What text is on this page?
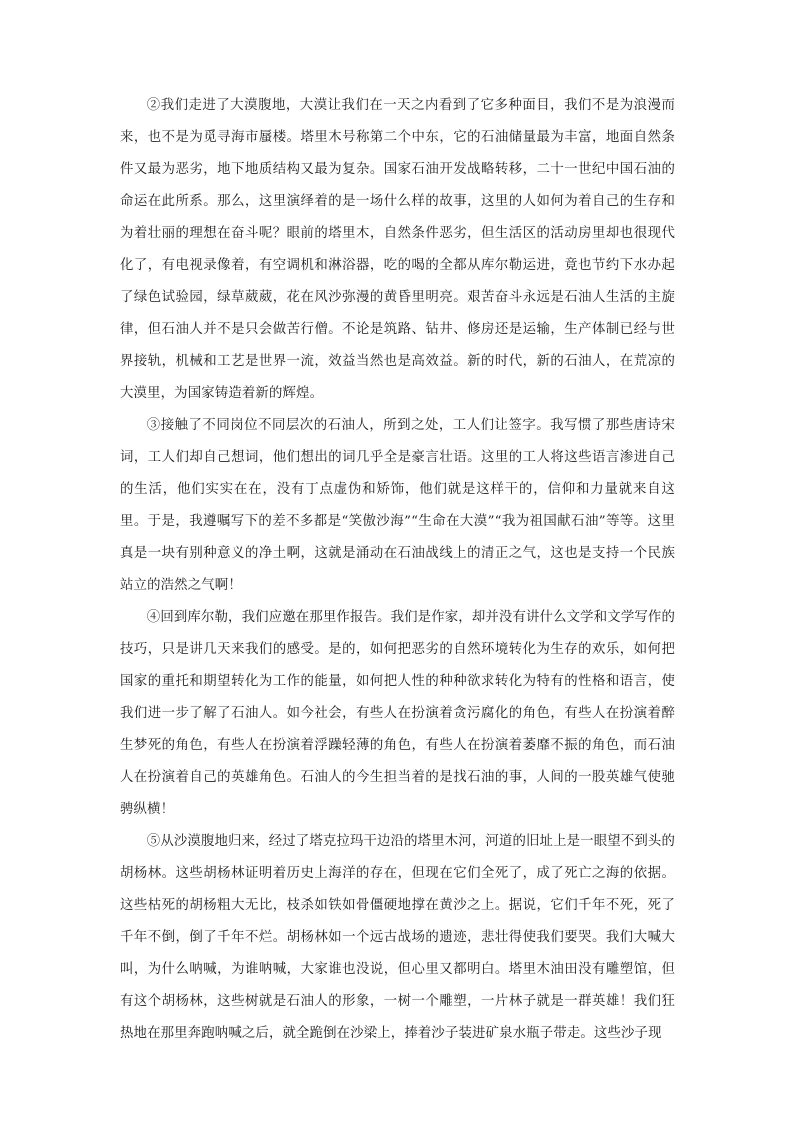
②我们走进了大漠腹地，大漠让我们在一天之内看到了它多种面目，我们不是为浪漫而来，也不是为觅寻海市蜃楼。塔里木号称第二个中东，它的石油储量最为丰富，地面自然条件又最为恶劣，地下地质结构又最为复杂。国家石油开发战略转移，二十一世纪中国石油的命运在此所系。那么，这里演绎着的是一场什么样的故事，这里的人如何为着自己的生存和为着壮丽的理想在奋斗呢？眼前的塔里木，自然条件恶劣，但生活区的活动房里却也很现代化了，有电视录像着，有空调机和淋浴器，吃的喝的全都从库尔勒运进，竟也节约下水办起了绿色试验园，绿草葳葳，花在风沙弥漫的黄昏里明亮。艰苦奋斗永远是石油人生活的主旋律，但石油人并不是只会做苦行僧。不论是筑路、钻井、修房还是运输，生产体制已经与世界接轨，机械和工艺是世界一流，效益当然也是高效益。新的时代，新的石油人，在荒凉的大漠里，为国家铸造着新的辉煌。

③接触了不同岗位不同层次的石油人，所到之处，工人们让签字。我写惯了那些唐诗宋词，工人们却自己想词，他们想出的词几乎全是豪言壮语。这里的工人将这些语言渗进自己的生活，他们实实在在，没有丁点虚伪和矫饰，他们就是这样干的，信仰和力量就来自这里。于是，我遵嘱写下的差不多都是“笑傲沙海”“生命在大漠”“我为祖国献石油”等等。这里真是一块有别种意义的净土啊，这就是涌动在石油战线上的清正之气，这也是支持一个民族站立的浩然之气啊！

④回到库尔勒，我们应邀在那里作报告。我们是作家，却并没有讲什么文学和文学写作的技巧，只是讲几天来我们的感受。是的，如何把恶劣的自然环境转化为生存的欢乐，如何把国家的重托和期望转化为工作的能量，如何把人性的种种欲求转化为特有的性格和语言，使我们进一步了解了石油人。如今社会，有些人在扮演着贪污腐化的角色，有些人在扮演着醉生梦死的角色，有些人在扮演着浮躁轻薄的角色，有些人在扮演着萎靡不振的角色，而石油人在扮演着自己的英雄角色。石油人的今生担当着的是找石油的事，人间的一股英雄气使驰骋纵横！

⑤从沙漠腹地归来，经过了塔克拉玛干边沿的塔里木河，河道的旧址上是一眼望不到头的胡杨林。这些胡杨林证明着历史上海洋的存在，但现在它们全死了，成了死亡之海的依据。这些枯死的胡杨粗大无比，枝杀如铁如骨僵硬地撑在黄沙之上。据说，它们千年不死，死了千年不倒，倒了千年不烂。胡杨林如一个远古战场的遗迹，悲壮得使我们要哭。我们大喊大叫，为什么呐喊，为谁呐喊，大家谁也没说，但心里又都明白。塔里木油田没有雕塑馆，但有这个胡杨林，这些树就是石油人的形象，一树一个雕塑，一片林子就是一群英雄！我们狂热地在那里奔跑呐喊之后，就全跪倒在沙梁上，捧着沙子装进矿泉水瓶子带走。这些沙子现
